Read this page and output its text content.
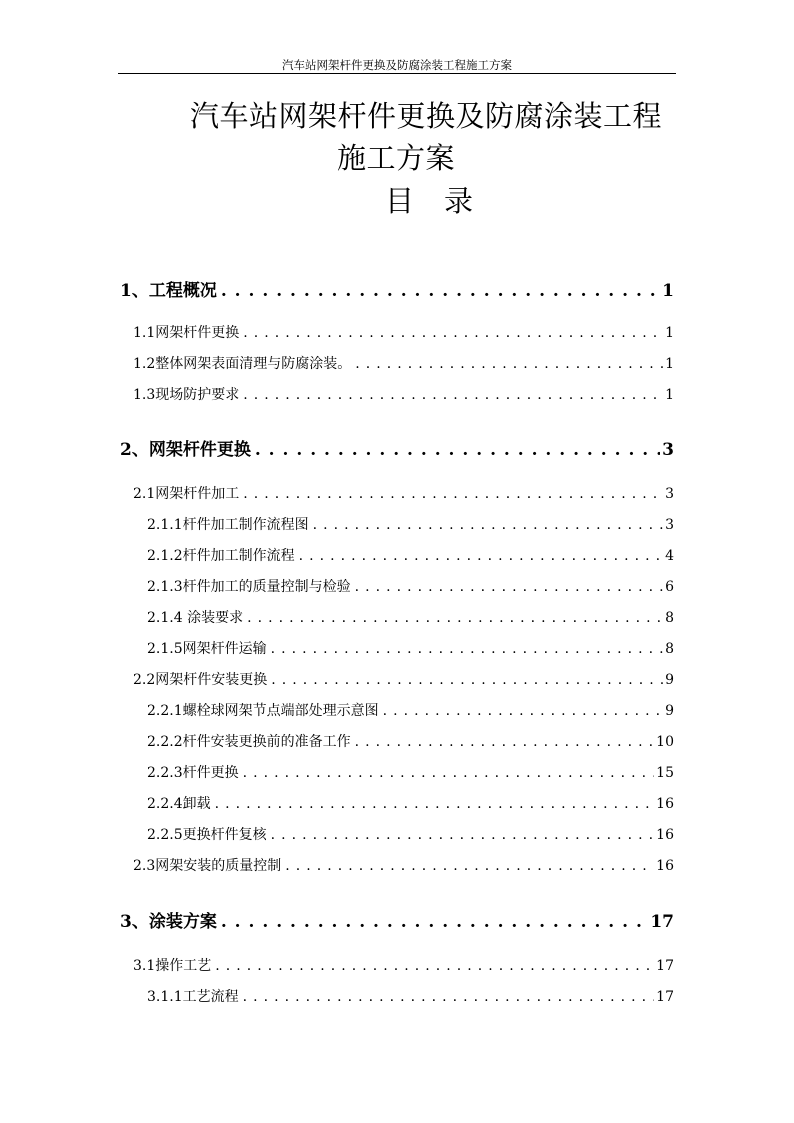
汽车站网架杆件更换及防腐涂装工程施工方案
汽车站网架杆件更换及防腐涂装工程
施工方案
目录
1、工程概况 . . .	1
1.1网架杆件更换 . . .	1
1.2整体网架表面清理与防腐涂装。 . . .	1
1.3现场防护要求 . . .	1
2、网架杆件更换 . . .	3
2.1网架杆件加工 . . .	3
2.1.1杆件加工制作流程图 . . .	3
2.1.2杆件加工制作流程 . . .	4
2.1.3杆件加工的质量控制与检验 . . .	6
2.1.4 涂装要求 . . .	8
2.1.5网架杆件运输 . . .	8
2.2网架杆件安装更换 . . .	9
2.2.1螺栓球网架节点端部处理示意图 . . .	9
2.2.2杆件安装更换前的准备工作 . . .	10
2.2.3杆件更换 . . .	15
2.2.4卸载 . . .	16
2.2.5更换杆件复核 . . .	16
2.3网架安装的质量控制 . . .	16
3、涂装方案 . . .	17
3.1操作工艺 . . .	17
3.1.1工艺流程 . . .	17
